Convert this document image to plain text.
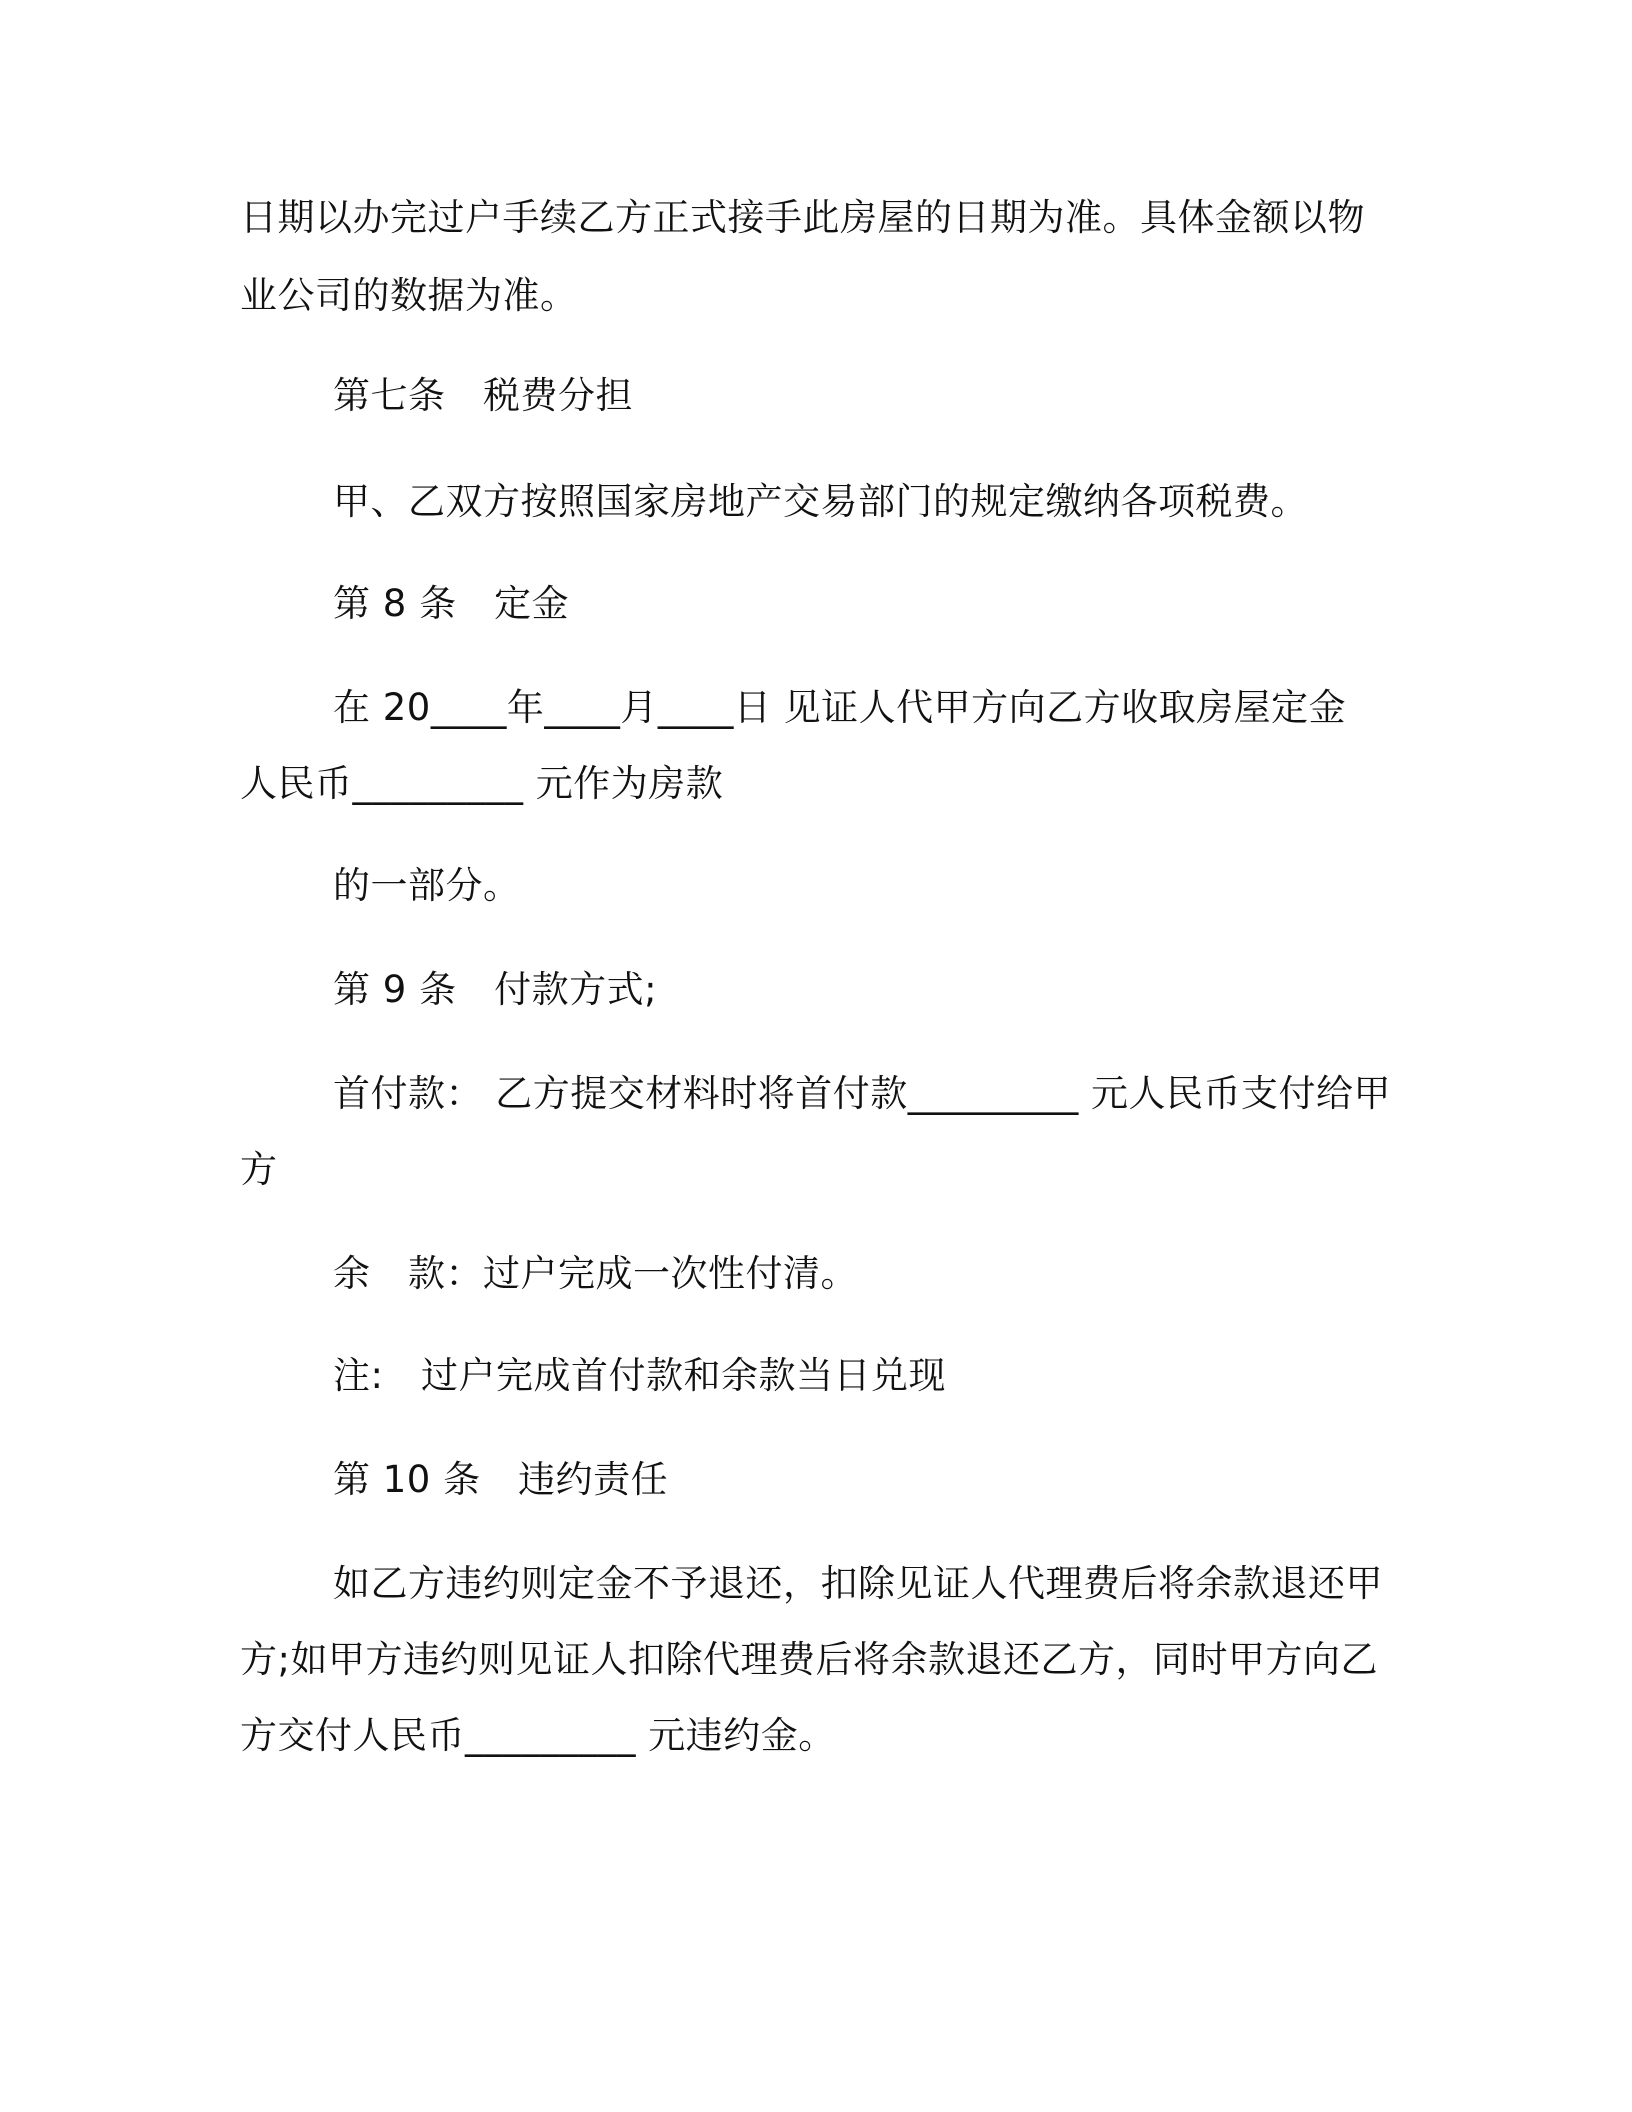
日期以办完过户手续乙方正式接手此房屋的日期为准。具体金额以物
业公司的数据为准。
第七条　税费分担
甲、乙双方按照国家房地产交易部门的规定缴纳各项税费。
第 8 条　定金
在 20____年____月____日 见证人代甲方向乙方收取房屋定金
人民币_________ 元作为房款
的一部分。
第 9 条　付款方式;
首付款： 乙方提交材料时将首付款_________ 元人民币支付给甲
方
余　款：过户完成一次性付清。
注:　过户完成首付款和余款当日兑现
第 10 条　违约责任
如乙方违约则定金不予退还，扣除见证人代理费后将余款退还甲
方;如甲方违约则见证人扣除代理费后将余款退还乙方，同时甲方向乙
方交付人民币_________ 元违约金。
